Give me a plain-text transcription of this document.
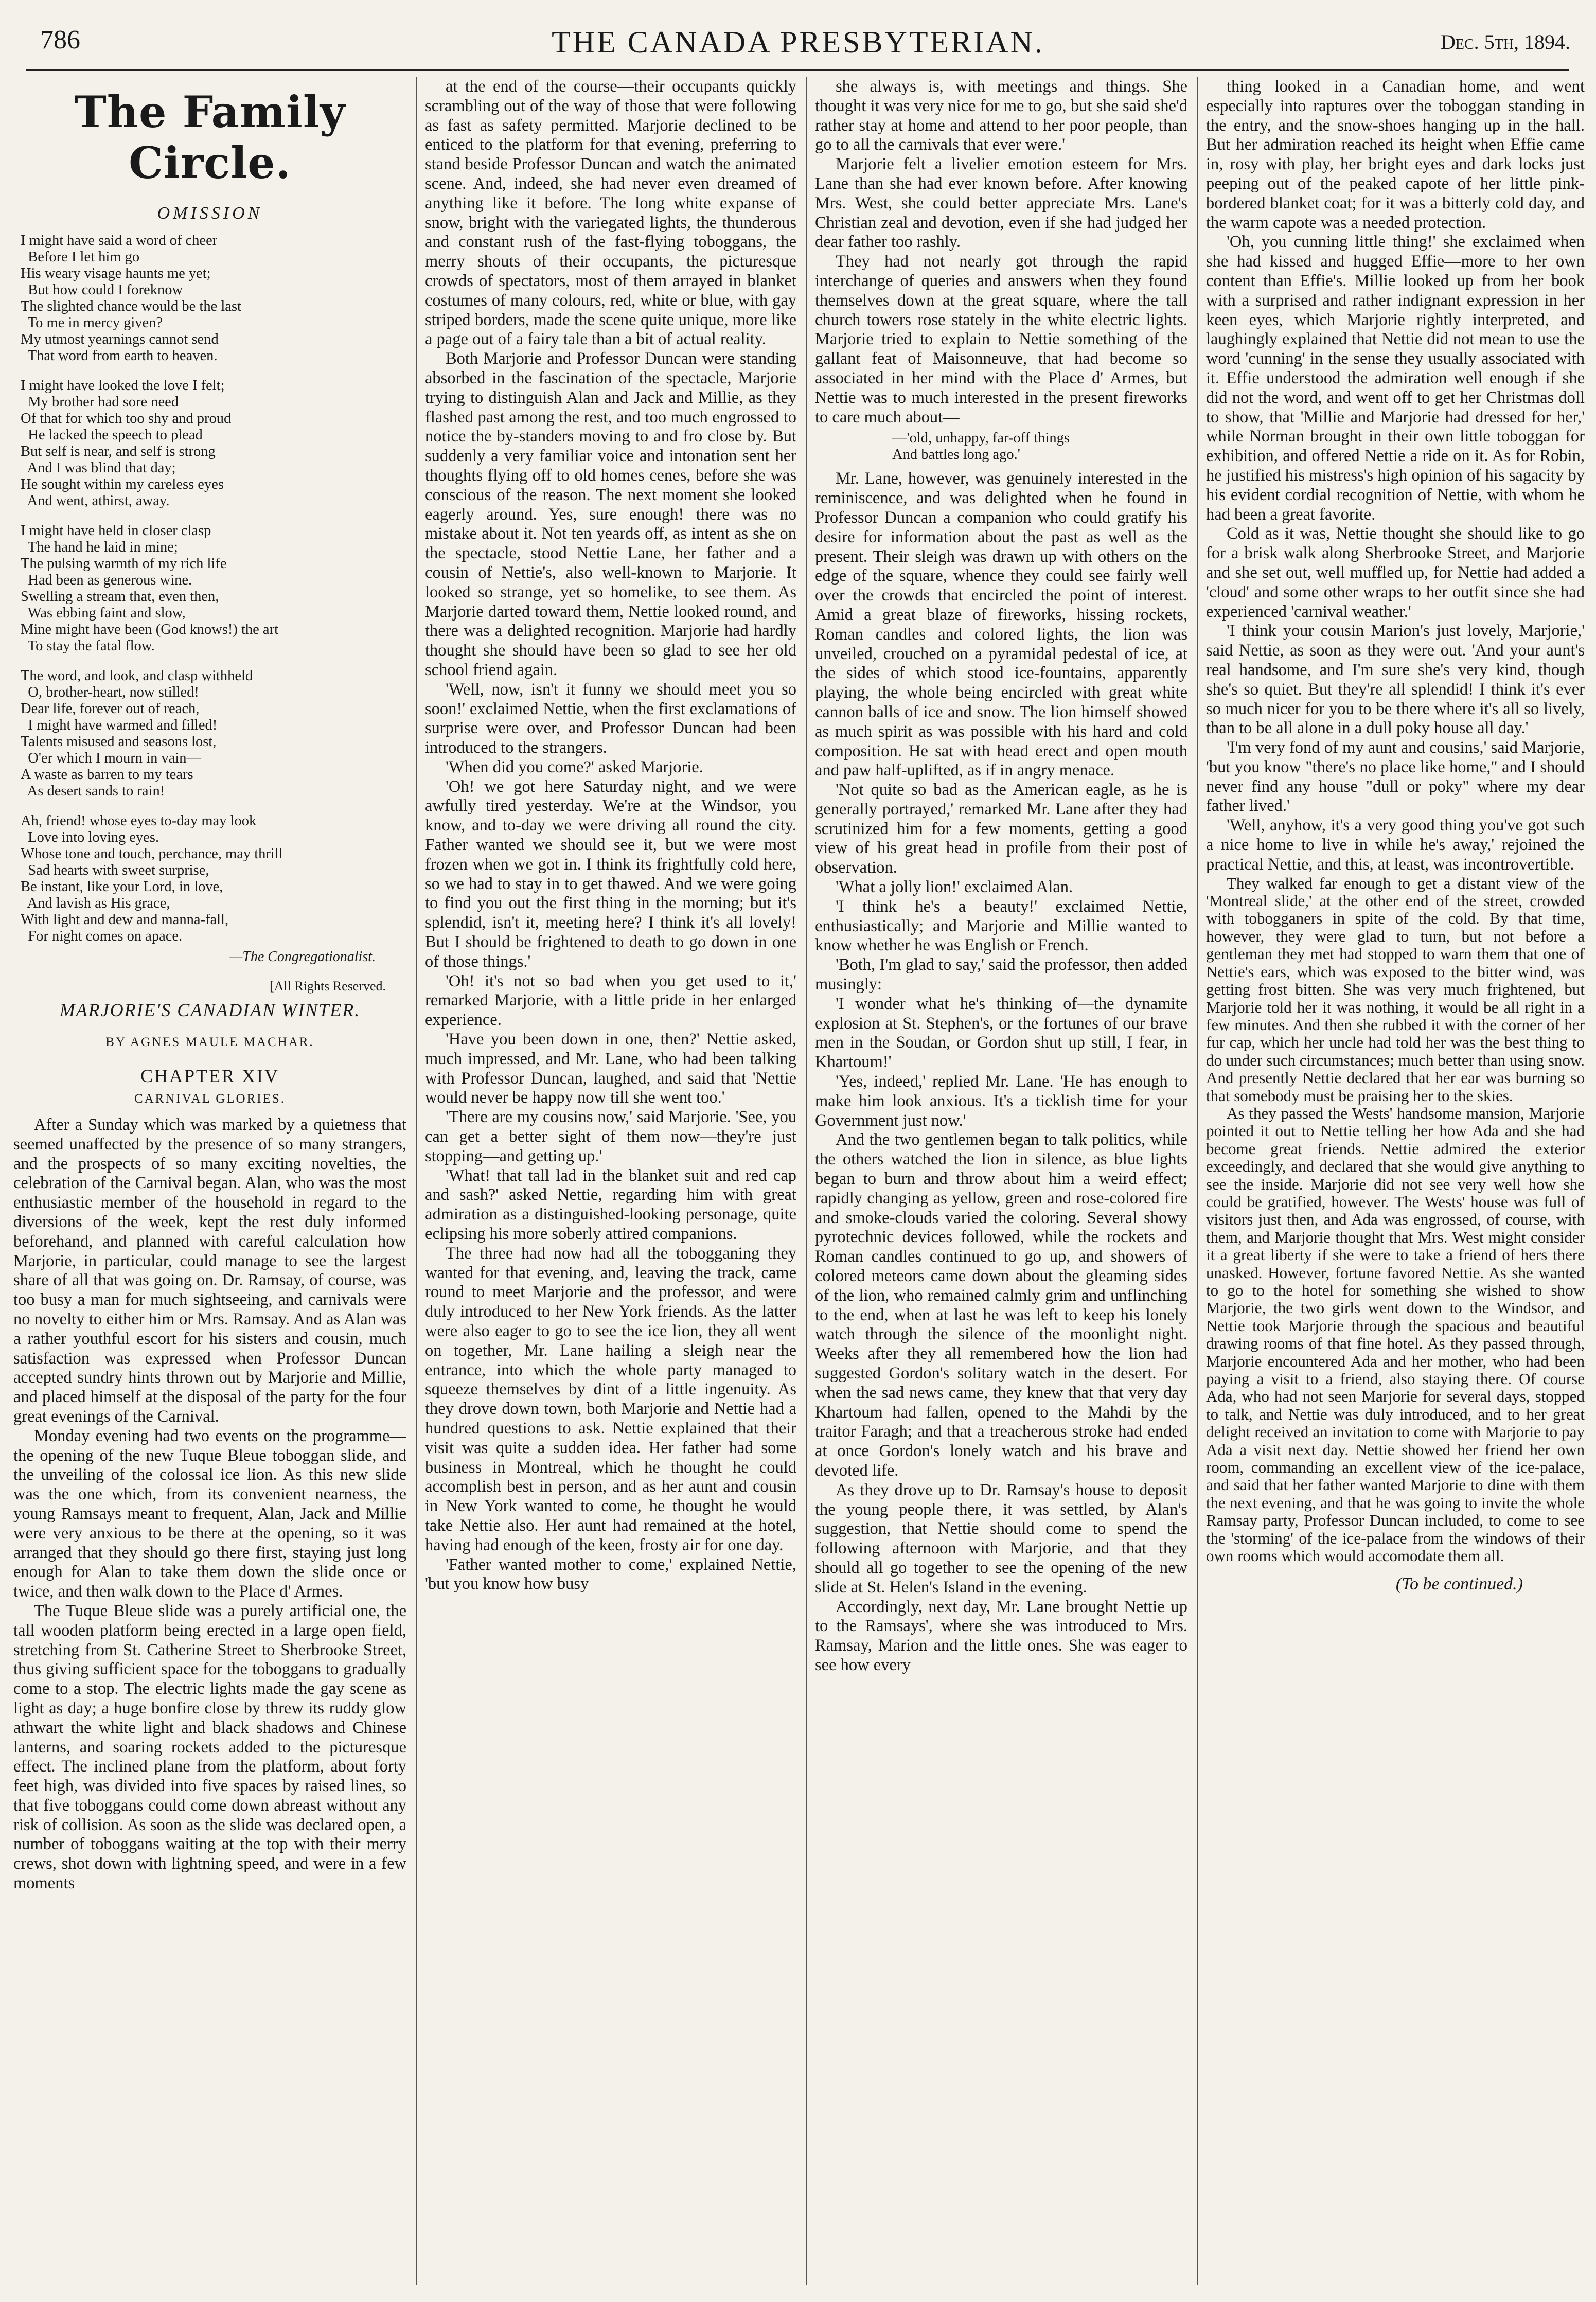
786	THE CANADA PRESBYTERIAN.	Dec. 5th, 1894.
The Family Circle.
OMISSION
I might have said a word of cheer
Before I let him go
His weary visage haunts me yet;
But how could I foreknow
The slighted chance would be the last
To me in mercy given?
My utmost yearnings cannot send
That word from earth to heaven.
I might have looked the love I felt;
My brother had sore need
Of that for which too shy and proud
He lacked the speech to plead
But self is near, and self is strong
And I was blind that day;
He sought within my careless eyes
And went, athirst, away.
I might have held in closer clasp
The hand he laid in mine;
The pulsing warmth of my rich life
Had been as generous wine.
Swelling a stream that, even then,
Was ebbing faint and slow,
Mine might have been (God knows!) the art
To stay the fatal flow.
The word, and look, and clasp withheld
O, brother-heart, now stilled!
Dear life, forever out of reach,
I might have warmed and filled!
Talents misused and seasons lost,
O'er which I mourn in vain—
A waste as barren to my tears
As desert sands to rain!
Ah, friend! whose eyes to-day may look
Love into loving eyes.
Whose tone and touch, perchance, may thrill
Sad hearts with sweet surprise,
Be instant, like your Lord, in love,
And lavish as His grace,
With light and dew and manna-fall,
For night comes on apace.
—The Congregationalist.
[All Rights Reserved.
MARJORIE'S CANADIAN WINTER.
BY AGNES MAULE MACHAR.
CHAPTER XIV
CARNIVAL GLORIES.

After a Sunday which was marked by a quietness that seemed unaffected by the presence of so many strangers, and the prospects of so many exciting novelties, the celebration of the Carnival began. Alan, who was the most enthusiastic member of the household in regard to the diversions of the week, kept the rest duly informed beforehand, and planned with careful calculation how Marjorie, in particular, could manage to see the largest share of all that was going on. Dr. Ramsay, of course, was too busy a man for much sightseeing, and carnivals were no novelty to either him or Mrs. Ramsay. And as Alan was a rather youthful escort for his sisters and cousin, much satisfaction was expressed when Professor Duncan accepted sundry hints thrown out by Marjorie and Millie, and placed himself at the disposal of the party for the four great evenings of the Carnival.

Monday evening had two events on the programme—the opening of the new Tuque Bleue toboggan slide, and the unveiling of the colossal ice lion. As this new slide was the one which, from its convenient nearness, the young Ramsays meant to frequent, Alan, Jack and Millie were very anxious to be there at the opening, so it was arranged that they should go there first, staying just long enough for Alan to take them down the slide once or twice, and then walk down to the Place d' Armes.

The Tuque Bleue slide was a purely artificial one, the tall wooden platform being erected in a large open field, stretching from St. Catherine Street to Sherbrooke Street, thus giving sufficient space for the toboggans to gradually come to a stop. The electric lights made the gay scene as light as day; a huge bonfire close by threw its ruddy glow athwart the white light and black shadows and Chinese lanterns, and soaring rockets added to the picturesque effect. The inclined plane from the platform, about forty feet high, was divided into five spaces by raised lines, so that five toboggans could come down abreast without any risk of collision. As soon as the slide was declared open, a number of toboggans waiting at the top with their merry crews, shot down with lightning speed, and were in a few moments

at the end of the course—their occupants quickly scrambling out of the way of those that were following as fast as safety permitted. Marjorie declined to be enticed to the platform for that evening, preferring to stand beside Professor Duncan and watch the animated scene. And, indeed, she had never even dreamed of anything like it before. The long white expanse of snow, bright with the variegated lights, the thunderous and constant rush of the fast-flying toboggans, the merry shouts of their occupants, the picturesque crowds of spectators, most of them arrayed in blanket costumes of many colours, red, white or blue, with gay striped borders, made the scene quite unique, more like a page out of a fairy tale than a bit of actual reality.

Both Marjorie and Professor Duncan were standing absorbed in the fascination of the spectacle, Marjorie trying to distinguish Alan and Jack and Millie, as they flashed past among the rest, and too much engrossed to notice the by-standers moving to and fro close by. But suddenly a very familiar voice and intonation sent her thoughts flying off to old homes cenes, before she was conscious of the reason. The next moment she looked eagerly around. Yes, sure enough! there was no mistake about it. Not ten yeards off, as intent as she on the spectacle, stood Nettie Lane, her father and a cousin of Nettie's, also well-known to Marjorie. It looked so strange, yet so homelike, to see them. As Marjorie darted toward them, Nettie looked round, and there was a delighted recognition. Marjorie had hardly thought she should have been so glad to see her old school friend again.

'Well, now, isn't it funny we should meet you so soon!' exclaimed Nettie, when the first exclamations of surprise were over, and Professor Duncan had been introduced to the strangers.

'When did you come?' asked Marjorie.

'Oh! we got here Saturday night, and we were awfully tired yesterday. We're at the Windsor, you know, and to-day we were driving all round the city. Father wanted we should see it, but we were most frozen when we got in. I think its frightfully cold here, so we had to stay in to get thawed. And we were going to find you out the first thing in the morning; but it's splendid, isn't it, meeting here? I think it's all lovely! But I should be frightened to death to go down in one of those things.'

'Oh! it's not so bad when you get used to it,' remarked Marjorie, with a little pride in her enlarged experience.

'Have you been down in one, then?' Nettie asked, much impressed, and Mr. Lane, who had been talking with Professor Duncan, laughed, and said that 'Nettie would never be happy now till she went too.'

'There are my cousins now,' said Marjorie. 'See, you can get a better sight of them now—they're just stopping—and getting up.'

'What! that tall lad in the blanket suit and red cap and sash?' asked Nettie, regarding him with great admiration as a distinguished-looking personage, quite eclipsing his more soberly attired companions.

The three had now had all the tobogganing they wanted for that evening, and, leaving the track, came round to meet Marjorie and the professor, and were duly introduced to her New York friends. As the latter were also eager to go to see the ice lion, they all went on together, Mr. Lane hailing a sleigh near the entrance, into which the whole party managed to squeeze themselves by dint of a little ingenuity. As they drove down town, both Marjorie and Nettie had a hundred questions to ask. Nettie explained that their visit was quite a sudden idea. Her father had some business in Montreal, which he thought he could accomplish best in person, and as her aunt and cousin in New York wanted to come, he thought he would take Nettie also. Her aunt had remained at the hotel, having had enough of the keen, frosty air for one day.

'Father wanted mother to come,' explained Nettie, 'but you know how busy

she always is, with meetings and things. She thought it was very nice for me to go, but she said she'd rather stay at home and attend to her poor people, than go to all the carnivals that ever were.'

Marjorie felt a livelier emotion esteem for Mrs. Lane than she had ever known before. After knowing Mrs. West, she could better appreciate Mrs. Lane's Christian zeal and devotion, even if she had judged her dear father too rashly.

They had not nearly got through the rapid interchange of queries and answers when they found themselves down at the great square, where the tall church towers rose stately in the white electric lights. Marjorie tried to explain to Nettie something of the gallant feat of Maisonneuve, that had become so associated in her mind with the Place d' Armes, but Nettie was to much interested in the present fireworks to care much about—

—'old, unhappy, far-off things
And battles long ago.'

Mr. Lane, however, was genuinely interested in the reminiscence, and was delighted when he found in Professor Duncan a companion who could gratify his desire for information about the past as well as the present. Their sleigh was drawn up with others on the edge of the square, whence they could see fairly well over the crowds that encircled the point of interest. Amid a great blaze of fireworks, hissing rockets, Roman candles and colored lights, the lion was unveiled, crouched on a pyramidal pedestal of ice, at the sides of which stood ice-fountains, apparently playing, the whole being encircled with great white cannon balls of ice and snow. The lion himself showed as much spirit as was possible with his hard and cold composition. He sat with head erect and open mouth and paw half-uplifted, as if in angry menace.

'Not quite so bad as the American eagle, as he is generally portrayed,' remarked Mr. Lane after they had scrutinized him for a few moments, getting a good view of his great head in profile from their post of observation.

'What a jolly lion!' exclaimed Alan.

'I think he's a beauty!' exclaimed Nettie, enthusiastically; and Marjorie and Millie wanted to know whether he was English or French.

'Both, I'm glad to say,' said the professor, then added musingly:

'I wonder what he's thinking of—the dynamite explosion at St. Stephen's, or the fortunes of our brave men in the Soudan, or Gordon shut up still, I fear, in Khartoum!'

'Yes, indeed,' replied Mr. Lane. 'He has enough to make him look anxious. It's a ticklish time for your Government just now.'

And the two gentlemen began to talk politics, while the others watched the lion in silence, as blue lights began to burn and throw about him a weird effect; rapidly changing as yellow, green and rose-colored fire and smoke-clouds varied the coloring. Several showy pyrotechnic devices followed, while the rockets and Roman candles continued to go up, and showers of colored meteors came down about the gleaming sides of the lion, who remained calmly grim and unflinching to the end, when at last he was left to keep his lonely watch through the silence of the moonlight night. Weeks after they all remembered how the lion had suggested Gordon's solitary watch in the desert. For when the sad news came, they knew that that very day Khartoum had fallen, opened to the Mahdi by the traitor Faragh; and that a treacherous stroke had ended at once Gordon's lonely watch and his brave and devoted life.

As they drove up to Dr. Ramsay's house to deposit the young people there, it was settled, by Alan's suggestion, that Nettie should come to spend the following afternoon with Marjorie, and that they should all go together to see the opening of the new slide at St. Helen's Island in the evening.

Accordingly, next day, Mr. Lane brought Nettie up to the Ramsays', where she was introduced to Mrs. Ramsay, Marion and the little ones. She was eager to see how every

thing looked in a Canadian home, and went especially into raptures over the toboggan standing in the entry, and the snow-shoes hanging up in the hall. But her admiration reached its height when Effie came in, rosy with play, her bright eyes and dark locks just peeping out of the peaked capote of her little pink-bordered blanket coat; for it was a bitterly cold day, and the warm capote was a needed protection.

'Oh, you cunning little thing!' she exclaimed when she had kissed and hugged Effie—more to her own content than Effie's. Millie looked up from her book with a surprised and rather indignant expression in her keen eyes, which Marjorie rightly interpreted, and laughingly explained that Nettie did not mean to use the word 'cunning' in the sense they usually associated with it. Effie understood the admiration well enough if she did not the word, and went off to get her Christmas doll to show, that 'Millie and Marjorie had dressed for her,' while Norman brought in their own little toboggan for exhibition, and offered Nettie a ride on it. As for Robin, he justified his mistress's high opinion of his sagacity by his evident cordial recognition of Nettie, with whom he had been a great favorite.

Cold as it was, Nettie thought she should like to go for a brisk walk along Sherbrooke Street, and Marjorie and she set out, well muffled up, for Nettie had added a 'cloud' and some other wraps to her outfit since she had experienced 'carnival weather.'

'I think your cousin Marion's just lovely, Marjorie,' said Nettie, as soon as they were out. 'And your aunt's real handsome, and I'm sure she's very kind, though she's so quiet. But they're all splendid! I think it's ever so much nicer for you to be there where it's all so lively, than to be all alone in a dull poky house all day.'

'I'm very fond of my aunt and cousins,' said Marjorie, 'but you know "there's no place like home," and I should never find any house "dull or poky" where my dear father lived.'

'Well, anyhow, it's a very good thing you've got such a nice home to live in while he's away,' rejoined the practical Nettie, and this, at least, was incontrovertible.

They walked far enough to get a distant view of the 'Montreal slide,' at the other end of the street, crowded with tobogganers in spite of the cold. By that time, however, they were glad to turn, but not before a gentleman they met had stopped to warn them that one of Nettie's ears, which was exposed to the bitter wind, was getting frost bitten. She was very much frightened, but Marjorie told her it was nothing, it would be all right in a few minutes. And then she rubbed it with the corner of her fur cap, which her uncle had told her was the best thing to do under such circumstances; much better than using snow. And presently Nettie declared that her ear was burning so that somebody must be praising her to the skies.

As they passed the Wests' handsome mansion, Marjorie pointed it out to Nettie telling her how Ada and she had become great friends. Nettie admired the exterior exceedingly, and declared that she would give anything to see the inside. Marjorie did not see very well how she could be gratified, however. The Wests' house was full of visitors just then, and Ada was engrossed, of course, with them, and Marjorie thought that Mrs. West might consider it a great liberty if she were to take a friend of hers there unasked. However, fortune favored Nettie. As she wanted to go to the hotel for something she wished to show Marjorie, the two girls went down to the Windsor, and Nettie took Marjorie through the spacious and beautiful drawing rooms of that fine hotel. As they passed through, Marjorie encountered Ada and her mother, who had been paying a visit to a friend, also staying there. Of course Ada, who had not seen Marjorie for several days, stopped to talk, and Nettie was duly introduced, and to her great delight received an invitation to come with Marjorie to pay Ada a visit next day. Nettie showed her friend her own room, commanding an excellent view of the ice-palace, and said that her father wanted Marjorie to dine with them the next evening, and that he was going to invite the whole Ramsay party, Professor Duncan included, to come to see the 'storming' of the ice-palace from the windows of their own rooms which would accomodate them all.

(To be continued.)
